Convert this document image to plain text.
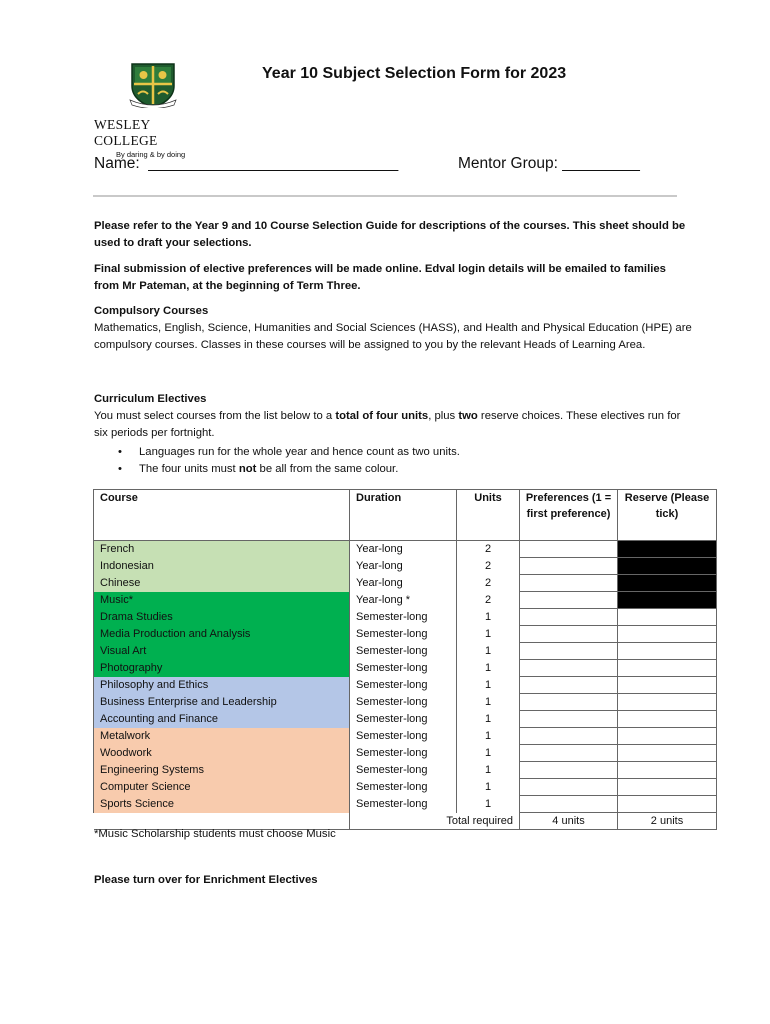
WESLEY COLLEGE
By daring & by doing
Year 10 Subject Selection Form for 2023
Name: _____________________________	Mentor Group: _________
Please refer to the Year 9 and 10 Course Selection Guide for descriptions of the courses. This sheet should be used to draft your selections.
Final submission of elective preferences will be made online. Edval login details will be emailed to families from Mr Pateman, at the beginning of Term Three.
Compulsory Courses
Mathematics, English, Science, Humanities and Social Sciences (HASS), and Health and Physical Education (HPE) are compulsory courses. Classes in these courses will be assigned to you by the relevant Heads of Learning Area.
Curriculum Electives
You must select courses from the list below to a total of four units, plus two reserve choices. These electives run for six periods per fortnight.
• Languages run for the whole year and hence count as two units.
• The four units must not be all from the same colour.
Course	Duration	Units	Preferences (1 = first preference)	Reserve (Please tick)
French	Year-long	2		
Indonesian	Year-long	2		
Chinese	Year-long	2		
Music*	Year-long *	2		
Drama Studies	Semester-long	1		
Media Production and Analysis	Semester-long	1		
Visual Art	Semester-long	1		
Photography	Semester-long	1		
Philosophy and Ethics	Semester-long	1		
Business Enterprise and Leadership	Semester-long	1		
Accounting and Finance	Semester-long	1		
Metalwork	Semester-long	1		
Woodwork	Semester-long	1		
Engineering Systems	Semester-long	1		
Computer Science	Semester-long	1		
Sports Science	Semester-long	1		
	Total required		4 units	2 units
*Music Scholarship students must choose Music
Please turn over for Enrichment Electives
